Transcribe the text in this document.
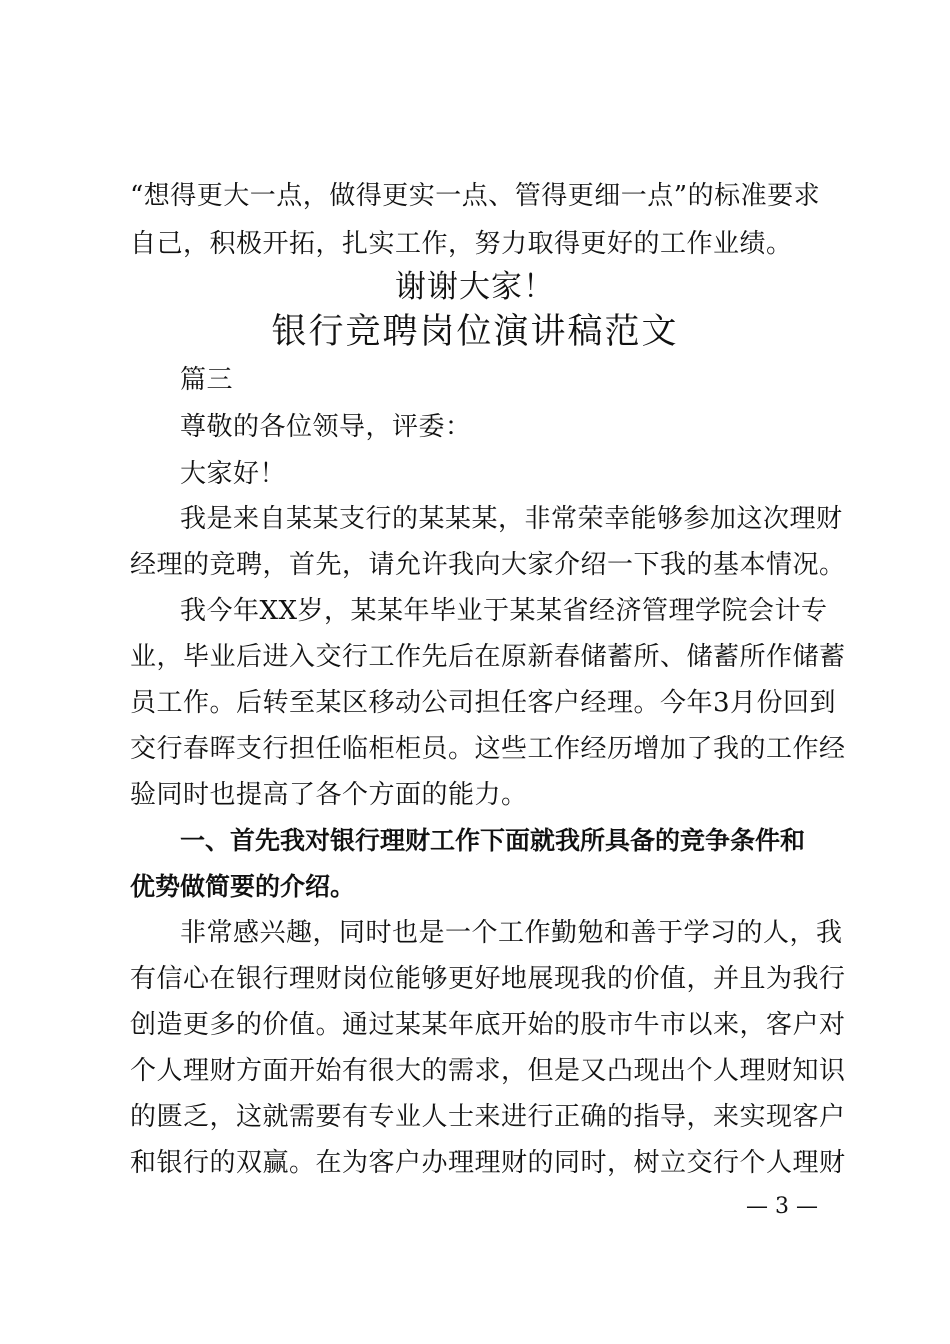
“想得更大一点，做得更实一点、管得更细一点”的标准要求
自己，积极开拓，扎实工作，努力取得更好的工作业绩。
谢谢大家！
银行竞聘岗位演讲稿范文
篇三
尊敬的各位领导，评委：
大家好！
我是来自某某支行的某某某，非常荣幸能够参加这次理财
经理的竞聘，首先，请允许我向大家介绍一下我的基本情况。
我今年XX岁，某某年毕业于某某省经济管理学院会计专
业，毕业后进入交行工作先后在原新春储蓄所、储蓄所作储蓄
员工作。后转至某区移动公司担任客户经理。今年3月份回到
交行春晖支行担任临柜柜员。这些工作经历增加了我的工作经
验同时也提高了各个方面的能力。
一、首先我对银行理财工作下面就我所具备的竞争条件和
优势做简要的介绍。
非常感兴趣，同时也是一个工作勤勉和善于学习的人，我
有信心在银行理财岗位能够更好地展现我的价值，并且为我行
创造更多的价值。通过某某年底开始的股市牛市以来，客户对
个人理财方面开始有很大的需求，但是又凸现出个人理财知识
的匮乏，这就需要有专业人士来进行正确的指导，来实现客户
和银行的双赢。在为客户办理理财的同时，树立交行个人理财
— 3 —
